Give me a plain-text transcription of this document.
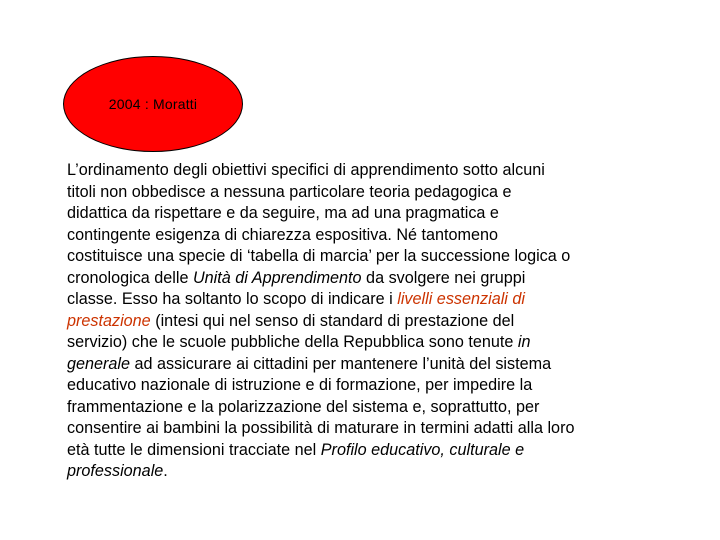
2004 : Moratti
L’ordinamento degli obiettivi specifici di apprendimento sotto alcuni
titoli non obbedisce a nessuna particolare teoria pedagogica e
didattica da rispettare e da seguire, ma ad una pragmatica e
contingente esigenza di chiarezza espositiva. Né tantomeno
costituisce una specie di ‘tabella di marcia’ per la successione logica o
cronologica delle Unità di Apprendimento da svolgere nei gruppi
classe. Esso ha soltanto lo scopo di indicare i livelli essenziali di
prestazione (intesi qui nel senso di standard di prestazione del
servizio) che le scuole pubbliche della Repubblica sono tenute in
generale ad assicurare ai cittadini per mantenere l’unità del sistema
educativo nazionale di istruzione e di formazione, per impedire la
frammentazione e la polarizzazione del sistema e, soprattutto, per
consentire ai bambini la possibilità di maturare in termini adatti alla loro
età tutte le dimensioni tracciate nel Profilo educativo, culturale e
professionale.
